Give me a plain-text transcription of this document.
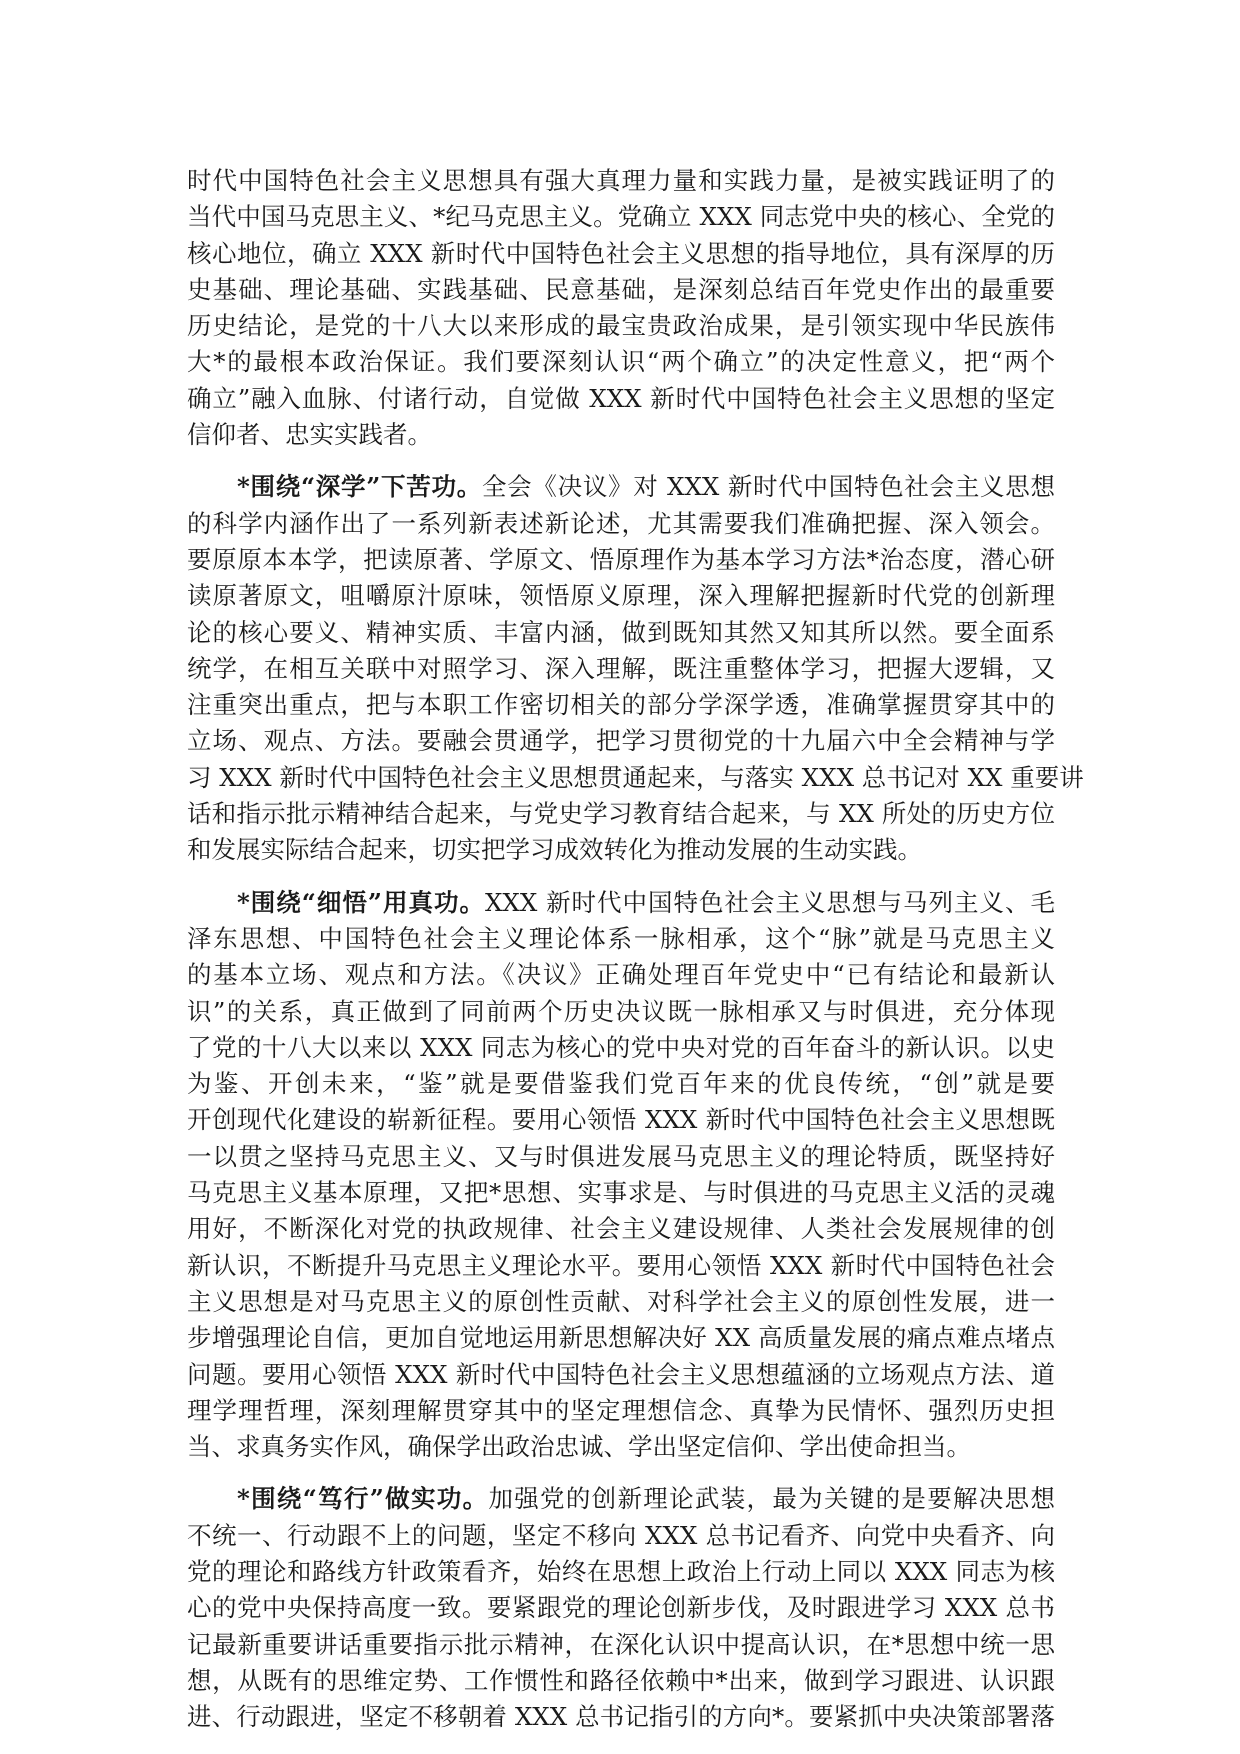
时代中国特色社会主义思想具有强大真理力量和实践力量，是被实践证明了的
当代中国马克思主义、*纪马克思主义。党确立 XXX 同志党中央的核心、全党的
核心地位，确立 XXX 新时代中国特色社会主义思想的指导地位，具有深厚的历
史基础、理论基础、实践基础、民意基础，是深刻总结百年党史作出的最重要
历史结论，是党的十八大以来形成的最宝贵政治成果，是引领实现中华民族伟
大*的最根本政治保证。我们要深刻认识“两个确立”的决定性意义，把“两个
确立”融入血脉、付诸行动，自觉做 XXX 新时代中国特色社会主义思想的坚定
信仰者、忠实实践者。
*围绕“深学”下苦功。全会《决议》对 XXX 新时代中国特色社会主义思想
的科学内涵作出了一系列新表述新论述，尤其需要我们准确把握、深入领会。
要原原本本学，把读原著、学原文、悟原理作为基本学习方法*治态度，潜心研
读原著原文，咀嚼原汁原味，领悟原义原理，深入理解把握新时代党的创新理
论的核心要义、精神实质、丰富内涵，做到既知其然又知其所以然。要全面系
统学，在相互关联中对照学习、深入理解，既注重整体学习，把握大逻辑，又
注重突出重点，把与本职工作密切相关的部分学深学透，准确掌握贯穿其中的
立场、观点、方法。要融会贯通学，把学习贯彻党的十九届六中全会精神与学
习 XXX 新时代中国特色社会主义思想贯通起来，与落实 XXX 总书记对 XX 重要讲
话和指示批示精神结合起来，与党史学习教育结合起来，与 XX 所处的历史方位
和发展实际结合起来，切实把学习成效转化为推动发展的生动实践。
*围绕“细悟”用真功。XXX 新时代中国特色社会主义思想与马列主义、毛
泽东思想、中国特色社会主义理论体系一脉相承，这个“脉”就是马克思主义
的基本立场、观点和方法。《决议》正确处理百年党史中“已有结论和最新认
识”的关系，真正做到了同前两个历史决议既一脉相承又与时俱进，充分体现
了党的十八大以来以 XXX 同志为核心的党中央对党的百年奋斗的新认识。以史
为鉴、开创未来，“鉴”就是要借鉴我们党百年来的优良传统，“创”就是要
开创现代化建设的崭新征程。要用心领悟 XXX 新时代中国特色社会主义思想既
一以贯之坚持马克思主义、又与时俱进发展马克思主义的理论特质，既坚持好
马克思主义基本原理，又把*思想、实事求是、与时俱进的马克思主义活的灵魂
用好，不断深化对党的执政规律、社会主义建设规律、人类社会发展规律的创
新认识，不断提升马克思主义理论水平。要用心领悟 XXX 新时代中国特色社会
主义思想是对马克思主义的原创性贡献、对科学社会主义的原创性发展，进一
步增强理论自信，更加自觉地运用新思想解决好 XX 高质量发展的痛点难点堵点
问题。要用心领悟 XXX 新时代中国特色社会主义思想蕴涵的立场观点方法、道
理学理哲理，深刻理解贯穿其中的坚定理想信念、真挚为民情怀、强烈历史担
当、求真务实作风，确保学出政治忠诚、学出坚定信仰、学出使命担当。
*围绕“笃行”做实功。加强党的创新理论武装，最为关键的是要解决思想
不统一、行动跟不上的问题，坚定不移向 XXX 总书记看齐、向党中央看齐、向
党的理论和路线方针政策看齐，始终在思想上政治上行动上同以 XXX 同志为核
心的党中央保持高度一致。要紧跟党的理论创新步伐，及时跟进学习 XXX 总书
记最新重要讲话重要指示批示精神，在深化认识中提高认识，在*思想中统一思
想，从既有的思维定势、工作惯性和路径依赖中*出来，做到学习跟进、认识跟
进、行动跟进，坚定不移朝着 XXX 总书记指引的方向*。要紧抓中央决策部署落
